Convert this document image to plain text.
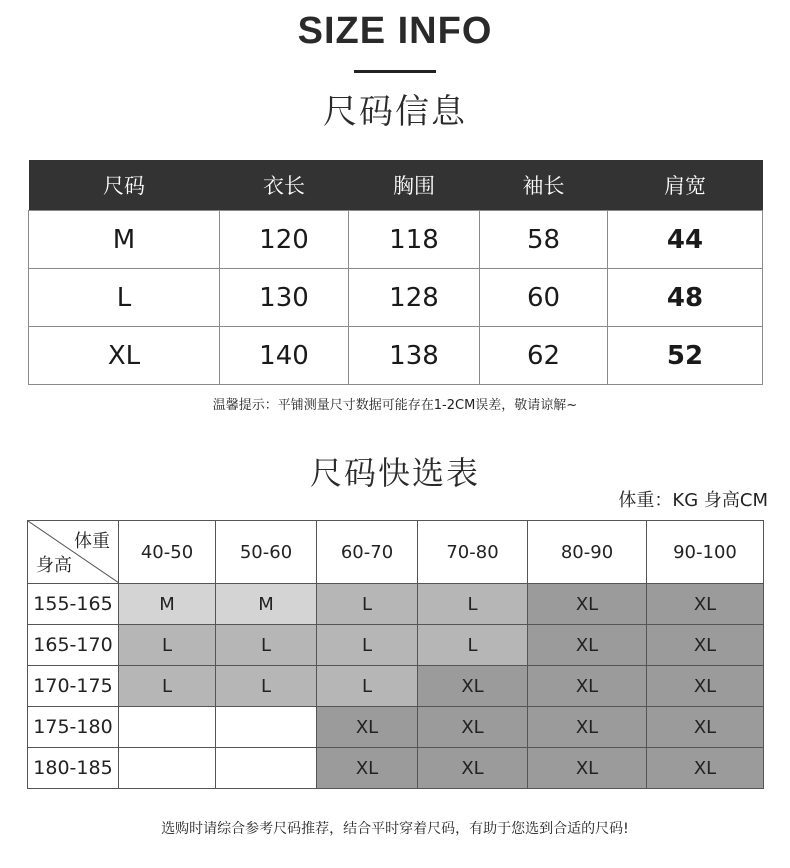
SIZE INFO
尺码信息
尺码	衣长	胸围	袖长	肩宽
M	120	118	58	44
L	130	128	60	48
XL	140	138	62	52
温馨提示：平铺测量尺寸数据可能存在1-2CM误差，敬请谅解~
尺码快选表
体重：KG 身高CM
体重
身高	40-50	50-60	60-70	70-80	80-90	90-100
155-165	M	M	L	L	XL	XL
165-170	L	L	L	L	XL	XL
170-175	L	L	L	XL	XL	XL
175-180			XL	XL	XL	XL
180-185			XL	XL	XL	XL
选购时请综合参考尺码推荐，结合平时穿着尺码，有助于您选到合适的尺码!
